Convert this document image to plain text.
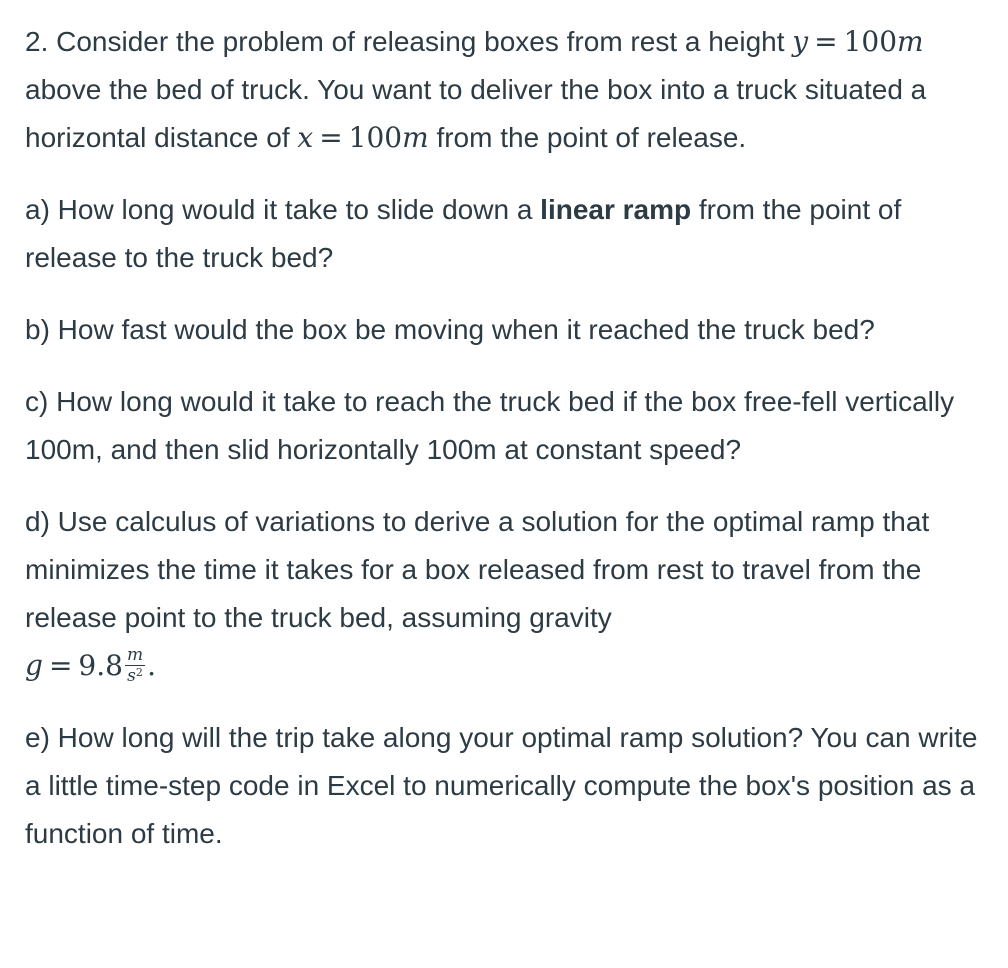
2. Consider the problem of releasing boxes from rest a height y = 100m above the bed of truck. You want to deliver the box into a truck situated a horizontal distance of x = 100m from the point of release.

a) How long would it take to slide down a linear ramp from the point of release to the truck bed?

b) How fast would the box be moving when it reached the truck bed?

c) How long would it take to reach the truck bed if the box free-fell vertically 100m, and then slid horizontally 100m at constant speed?

d) Use calculus of variations to derive a solution for the optimal ramp that minimizes the time it takes for a box released from rest to travel from the release point to the truck bed, assuming gravity
$g = 9.8 \frac{m}{s^2}$ .

e) How long will the trip take along your optimal ramp solution? You can write a little time-step code in Excel to numerically compute the box's position as a function of time.
